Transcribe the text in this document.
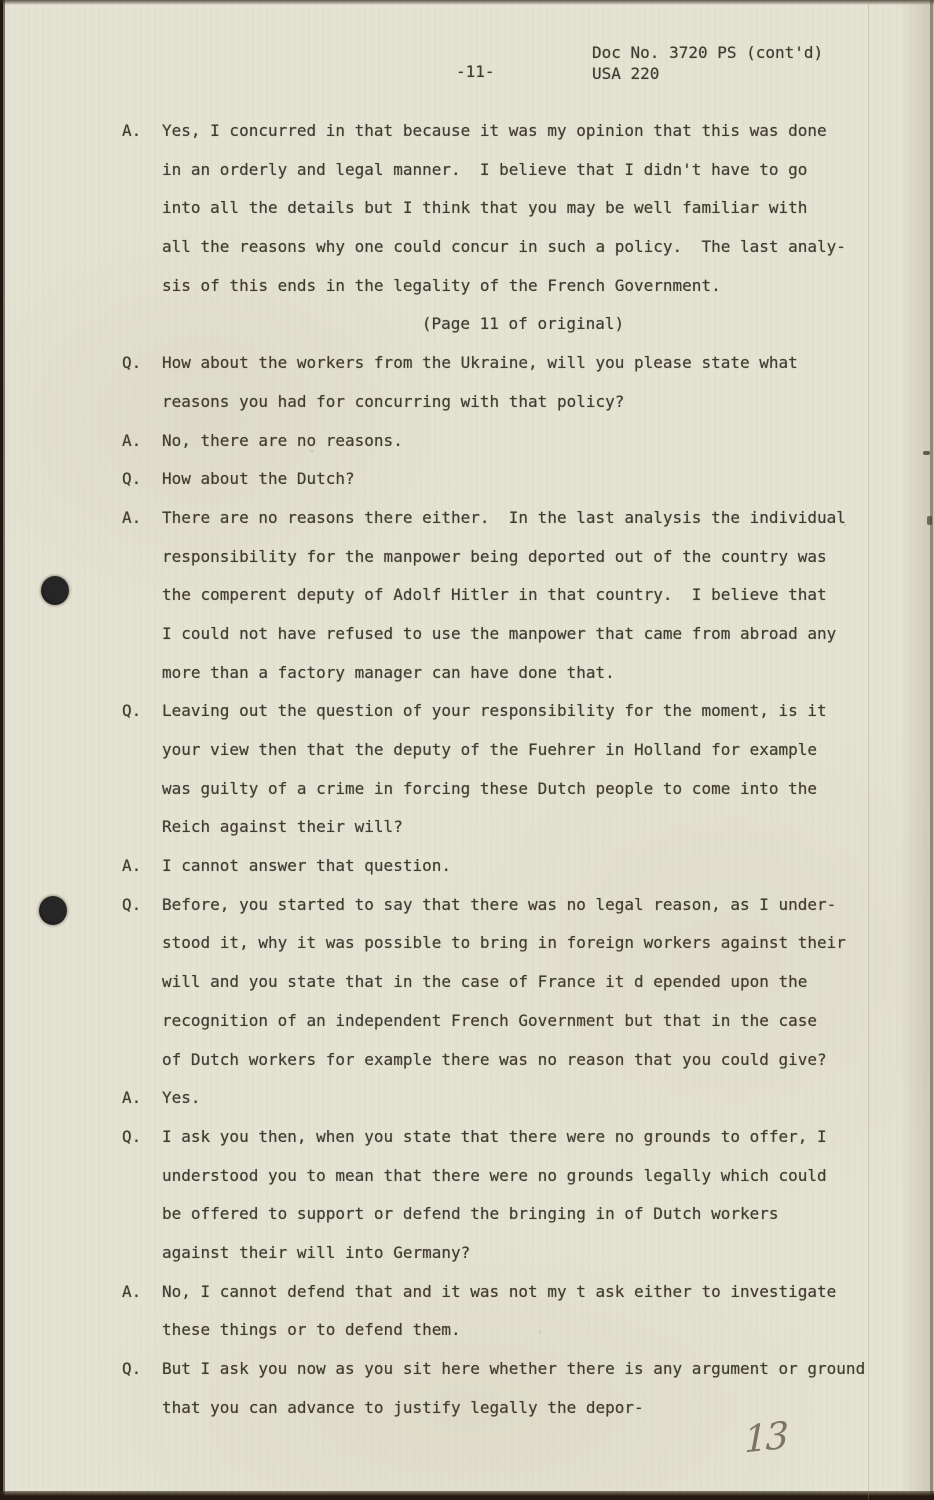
Doc No. 3720 PS (cont'd)
USA 220
-11-
A. Yes, I concurred in that because it was my opinion that this was done
in an orderly and legal manner.  I believe that I didn't have to go
into all the details but I think that you may be well familiar with
all the reasons why one could concur in such a policy.  The last analy-
sis of this ends in the legality of the French Government.
(Page 11 of original)
Q. How about the workers from the Ukraine, will you please state what
reasons you had for concurring with that policy?
A. No, there are no reasons.
Q. How about the Dutch?
A. There are no reasons there either.  In the last analysis the individual
responsibility for the manpower being deported out of the country was
the comperent deputy of Adolf Hitler in that country.  I believe that
I could not have refused to use the manpower that came from abroad any
more than a factory manager can have done that.
Q. Leaving out the question of your responsibility for the moment, is it
your view then that the deputy of the Fuehrer in Holland for example
was guilty of a crime in forcing these Dutch people to come into the
Reich against their will?
A. I cannot answer that question.
Q. Before, you started to say that there was no legal reason, as I under-
stood it, why it was possible to bring in foreign workers against their
will and you state that in the case of France it d epended upon the
recognition of an independent French Government but that in the case
of Dutch workers for example there was no reason that you could give?
A. Yes.
Q. I ask you then, when you state that there were no grounds to offer, I
understood you to mean that there were no grounds legally which could
be offered to support or defend the bringing in of Dutch workers
against their will into Germany?
A. No, I cannot defend that and it was not my t ask either to investigate
these things or to defend them.
Q. But I ask you now as you sit here whether there is any argument or ground
that you can advance to justify legally the depor-
13
